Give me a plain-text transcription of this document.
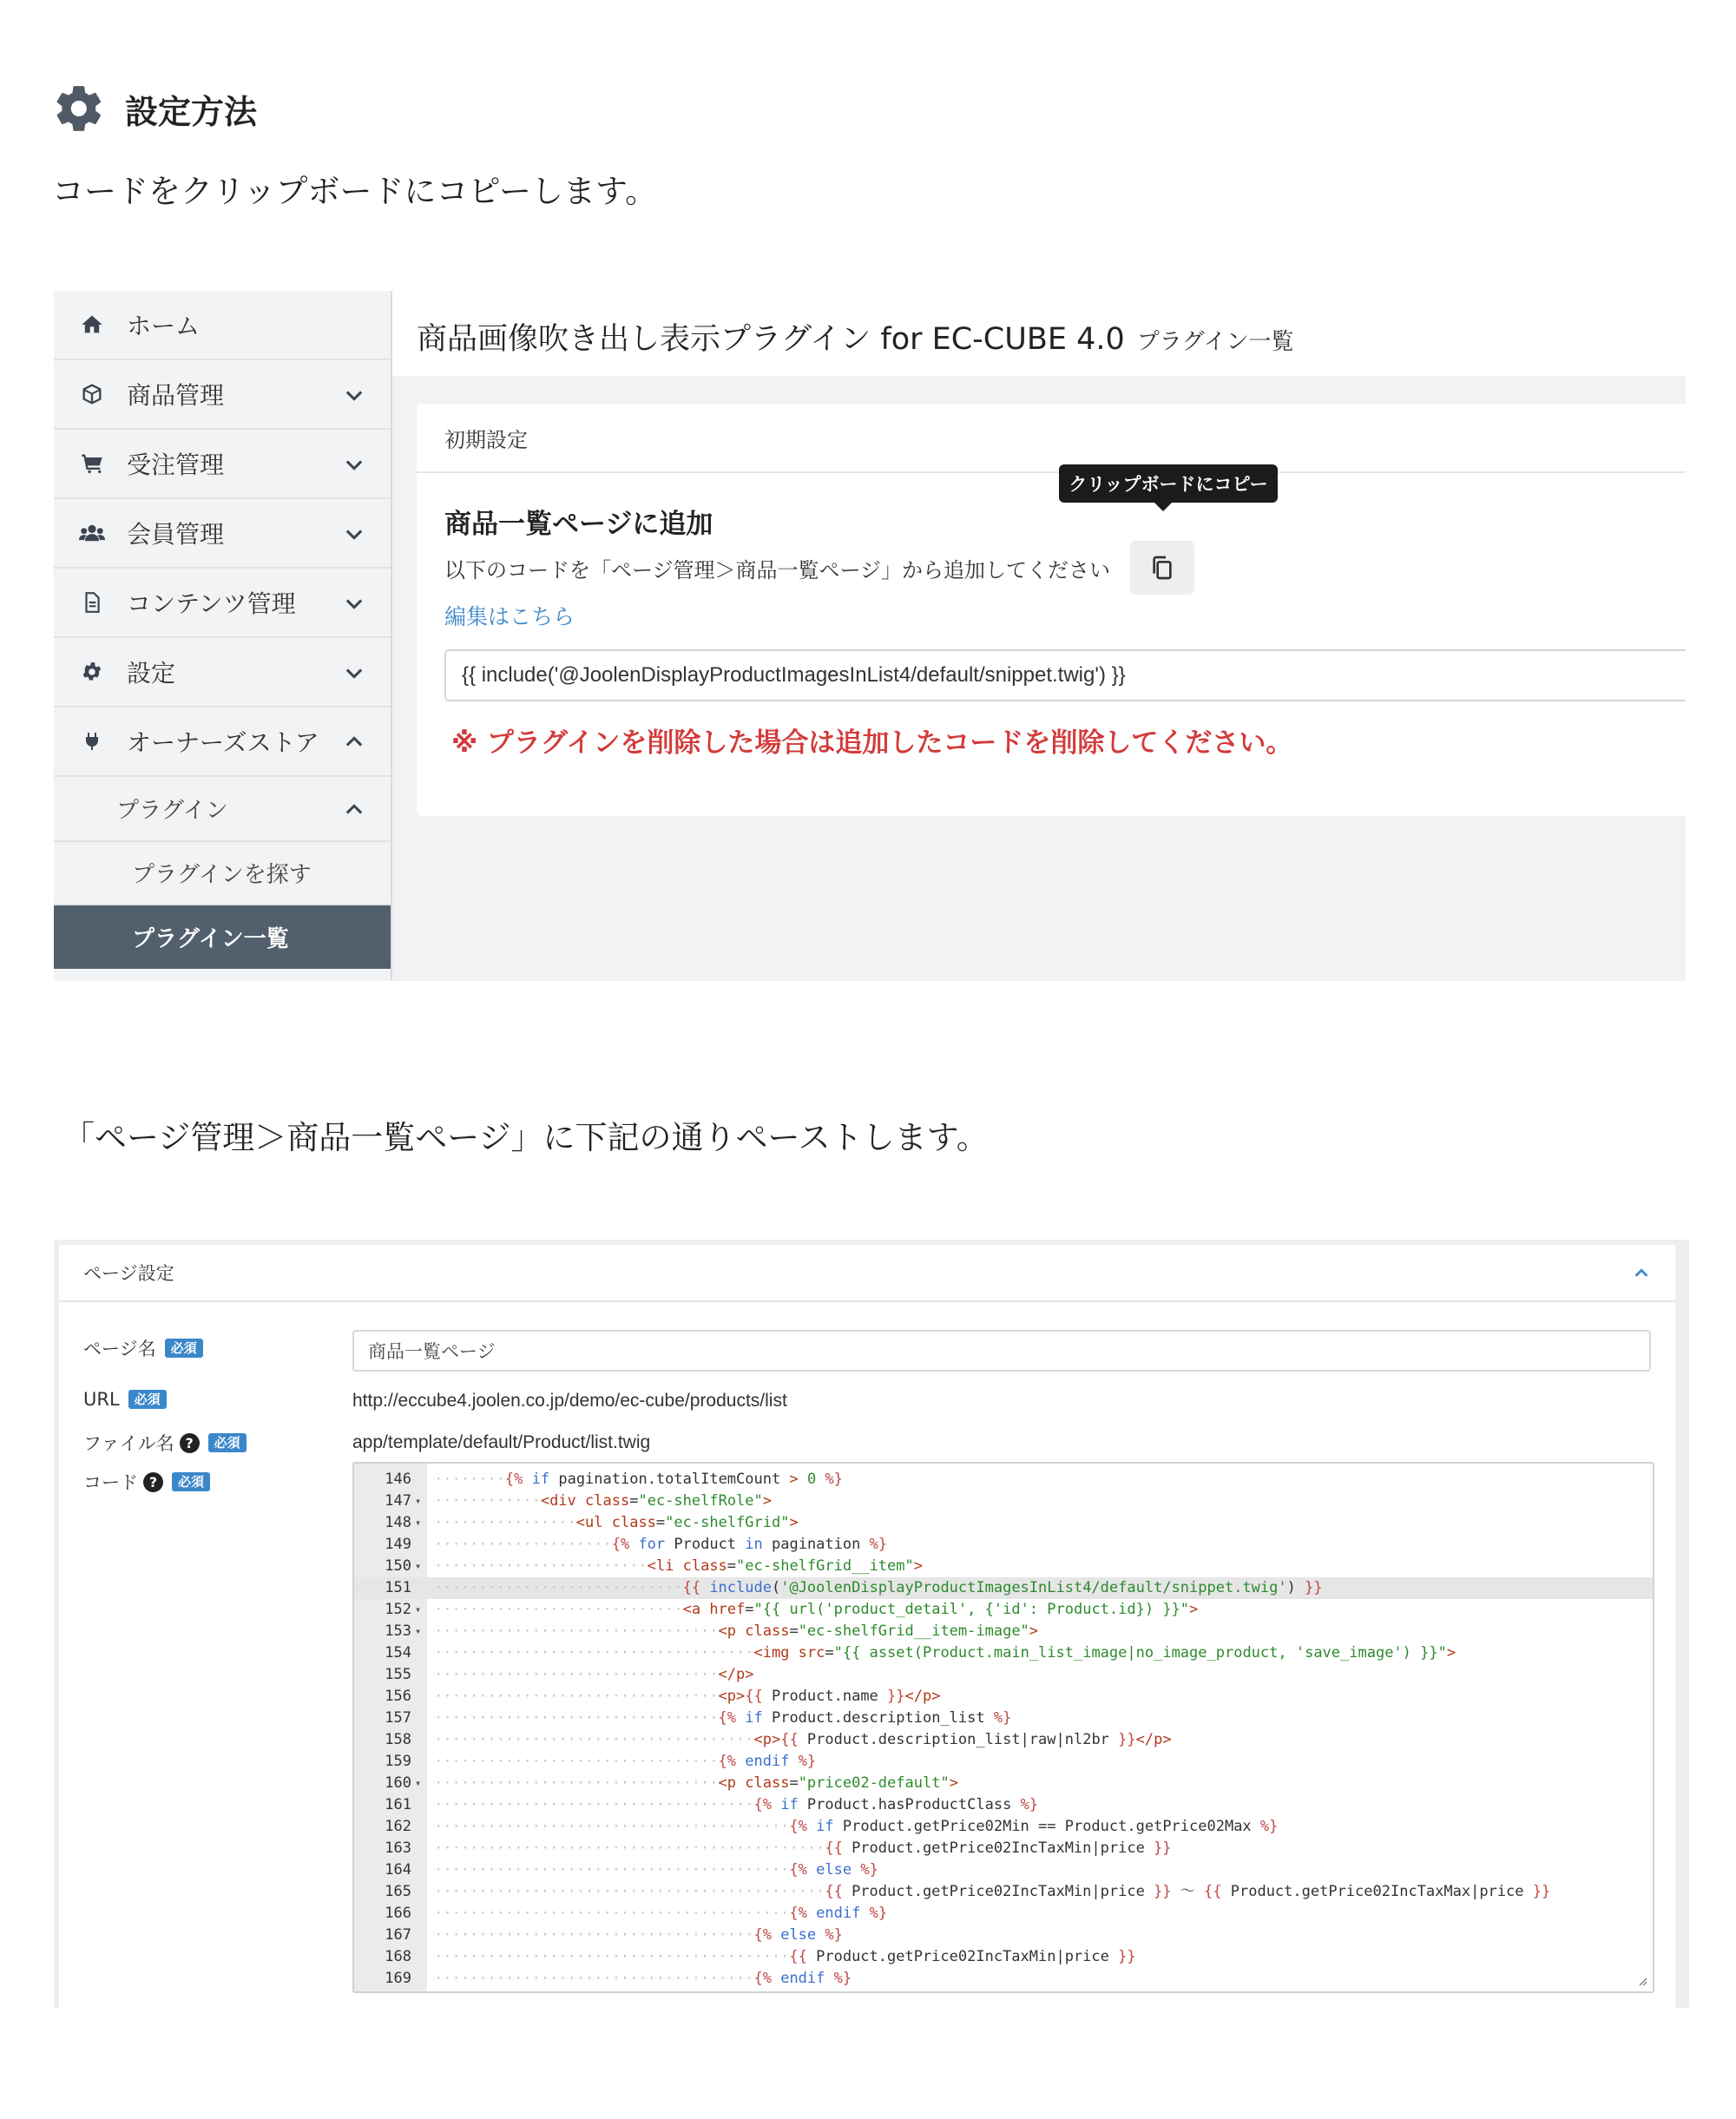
設定方法
コードをクリップボードにコピーします。
ホーム
商品管理
受注管理
会員管理
コンテンツ管理
設定
オーナーズストア
プラグイン
プラグインを探す
プラグイン一覧
商品画像吹き出し表示プラグイン for EC-CUBE 4.0 プラグイン一覧
初期設定
商品一覧ページに追加
以下のコードを「ページ管理＞商品一覧ページ」から追加してください
クリップボードにコピー
編集はこちら
{{ include('@JoolenDisplayProductImagesInList4/default/snippet.twig') }}
※ プラグインを削除した場合は追加したコードを削除してください。
「ページ管理＞商品一覧ページ」に下記の通りペーストします。
ページ設定
ページ名	必須	商品一覧ページ
URL	必須	http://eccube4.joolen.co.jp/demo/ec-cube/products/list
ファイル名 ?	必須	app/template/default/Product/list.twig
コード ?	必須	146 ········{% if pagination.totalItemCount > 0 %}
147 ▾ ············<div class="ec-shelfRole">
148 ▾ ················<ul class="ec-shelfGrid">
149 ····················{% for Product in pagination %}
150 ▾ ························<li class="ec-shelfGrid__item">
151 ····························{{ include('@JoolenDisplayProductImagesInList4/default/snippet.twig') }}
152 ▾ ····························<a href="{{ url('product_detail', {'id': Product.id}) }}">
153 ▾ ································<p class="ec-shelfGrid__item-image">
154 ····································<img src="{{ asset(Product.main_list_image|no_image_product, 'save_image') }}">
155 ································</p>
156 ································<p>{{ Product.name }}</p>
157 ································{% if Product.description_list %}
158 ····································<p>{{ Product.description_list|raw|nl2br }}</p>
159 ································{% endif %}
160 ▾ ································<p class="price02-default">
161 ····································{% if Product.hasProductClass %}
162 ········································{% if Product.getPrice02Min == Product.getPrice02Max %}
163 ············································{{ Product.getPrice02IncTaxMin|price }}
164 ········································{% else %}
165 ············································{{ Product.getPrice02IncTaxMin|price }} ～ {{ Product.getPrice02IncTaxMax|price }}
166 ········································{% endif %}
167 ····································{% else %}
168 ········································{{ Product.getPrice02IncTaxMin|price }}
169 ····································{% endif %}
